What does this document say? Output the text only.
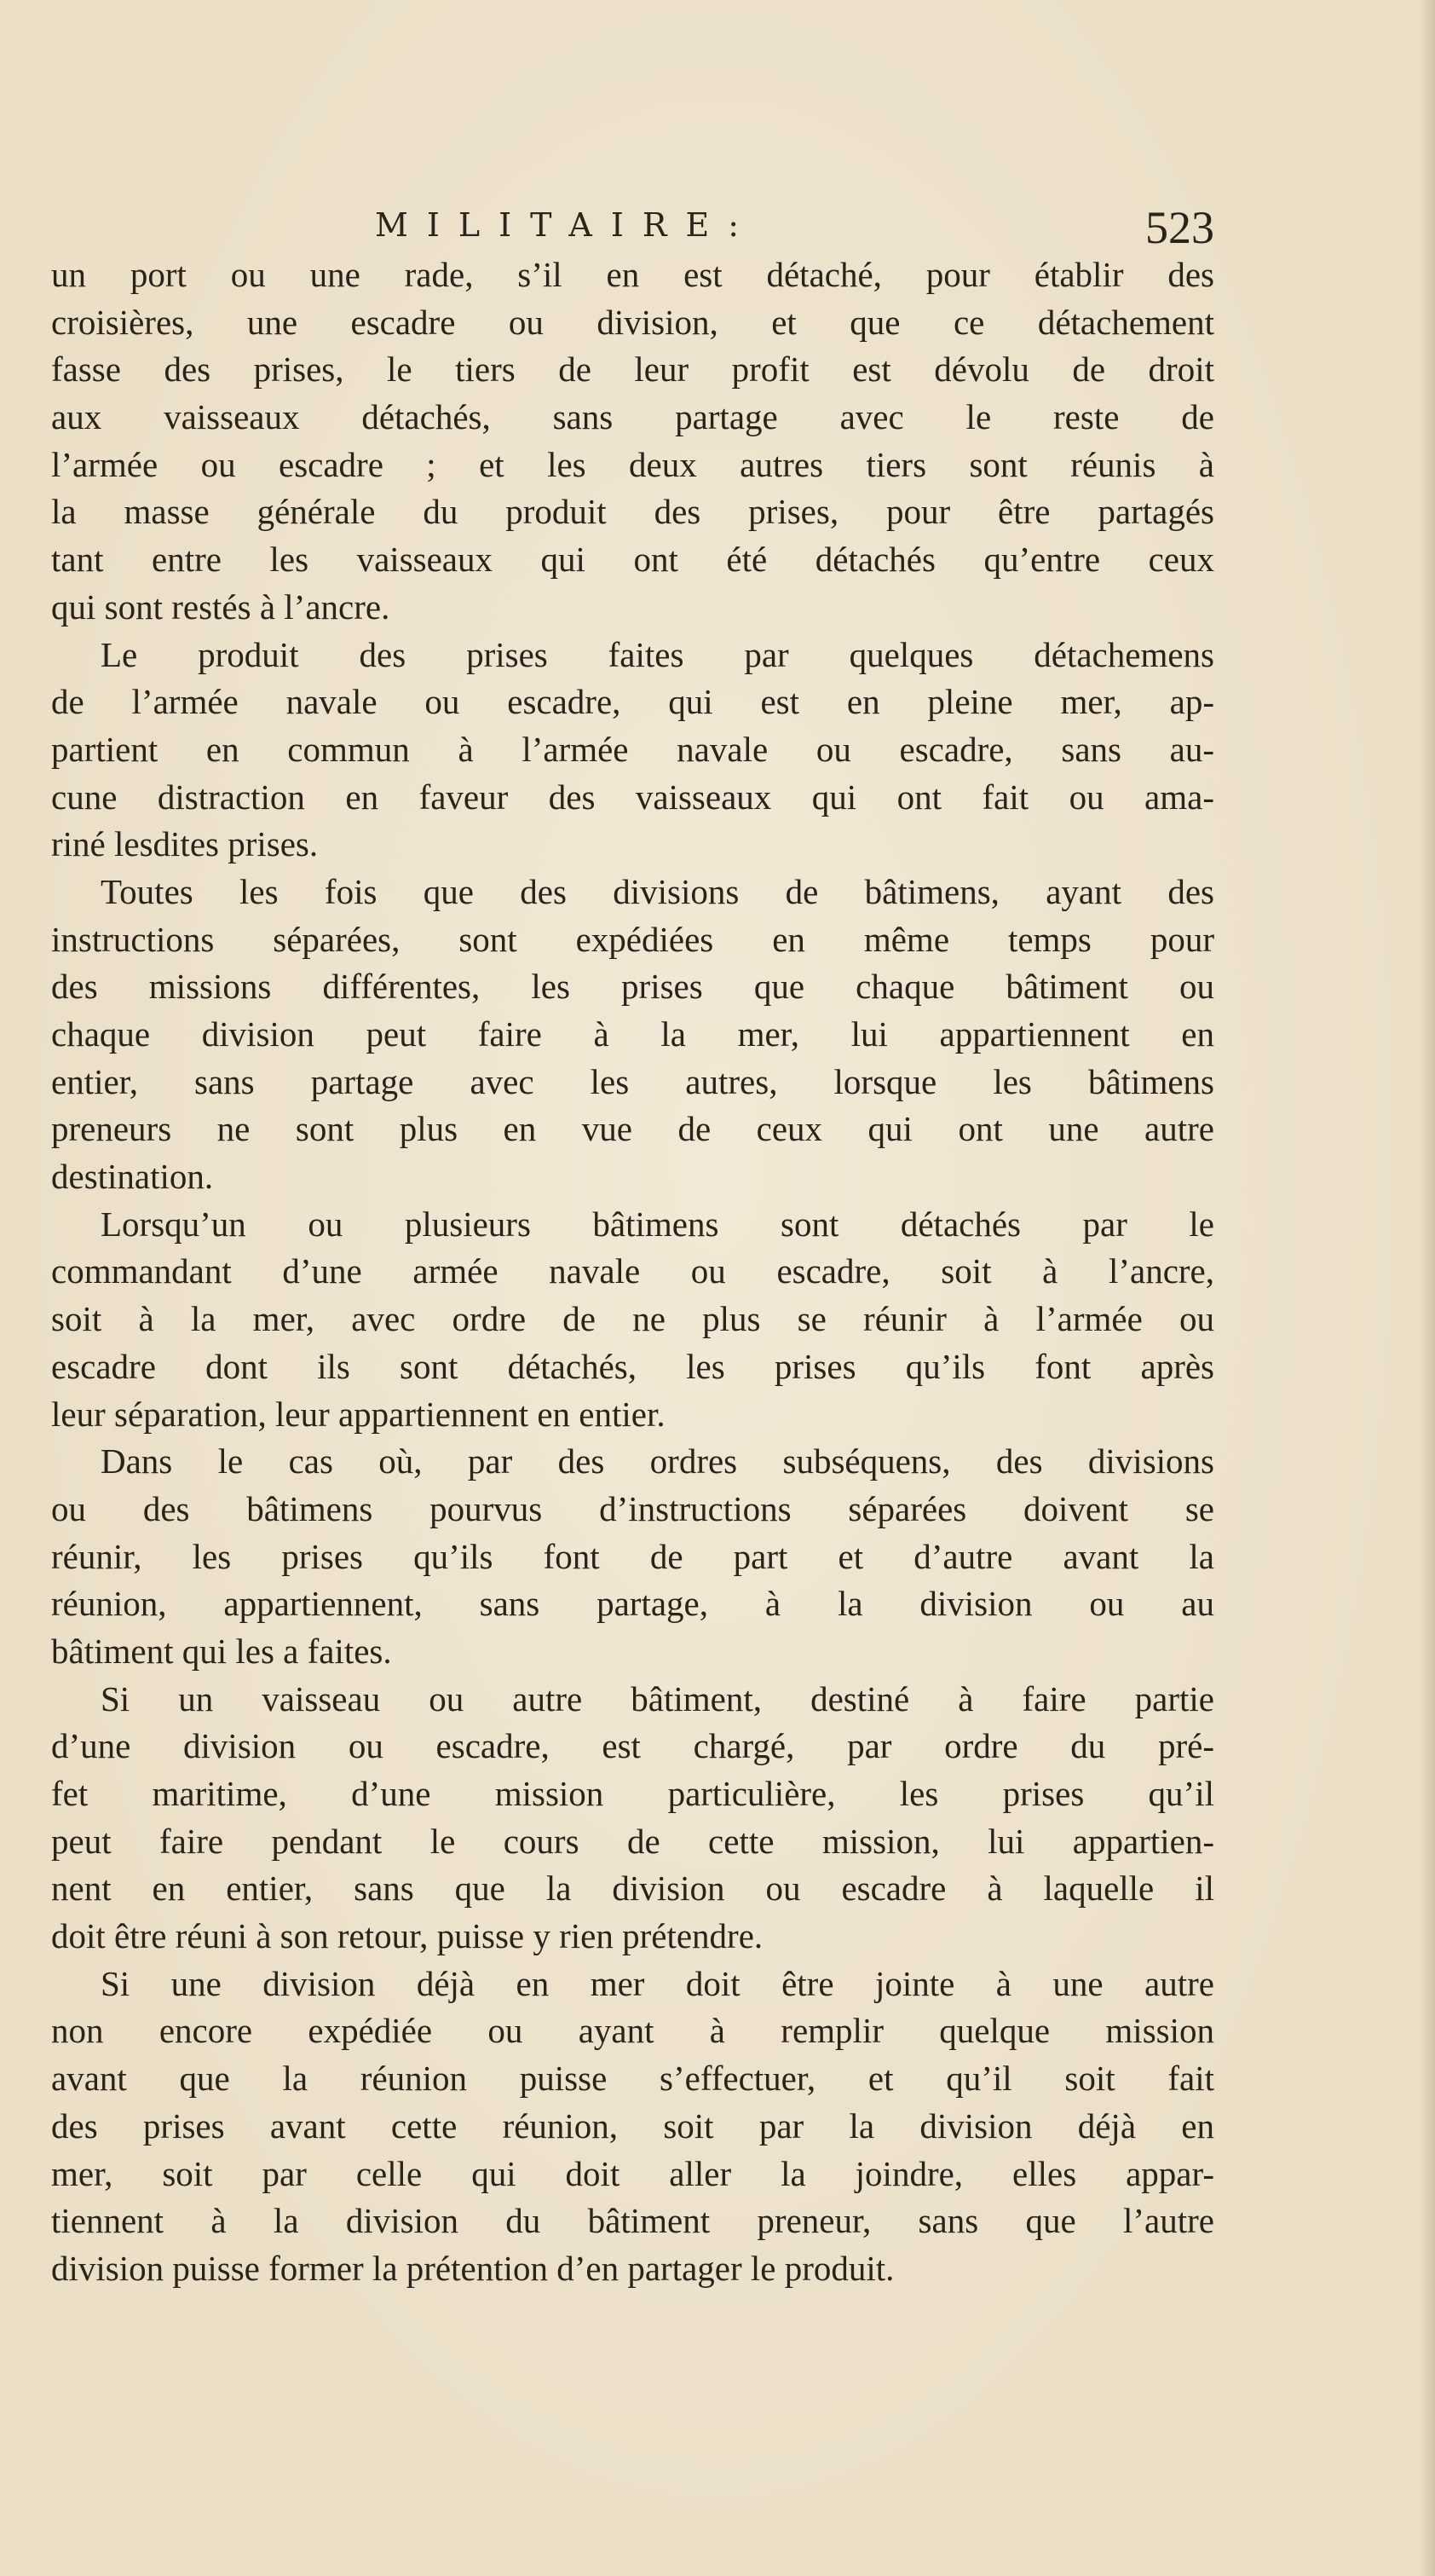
MILITAIRE:	523
un port ou une rade, s’il en est détaché, pour établir des
croisières, une escadre ou division, et que ce détachement
fasse des prises, le tiers de leur profit est dévolu de droit
aux vaisseaux détachés, sans partage avec le reste de
l’armée ou escadre ; et les deux autres tiers sont réunis à
la masse générale du produit des prises, pour être partagés
tant entre les vaisseaux qui ont été détachés qu’entre ceux
qui sont restés à l’ancre.
Le produit des prises faites par quelques détachemens
de l’armée navale ou escadre, qui est en pleine mer, ap-
partient en commun à l’armée navale ou escadre, sans au-
cune distraction en faveur des vaisseaux qui ont fait ou ama-
riné lesdites prises.
Toutes les fois que des divisions de bâtimens, ayant des
instructions séparées, sont expédiées en même temps pour
des missions différentes, les prises que chaque bâtiment ou
chaque division peut faire à la mer, lui appartiennent en
entier, sans partage avec les autres, lorsque les bâtimens
preneurs ne sont plus en vue de ceux qui ont une autre
destination.
Lorsqu’un ou plusieurs bâtimens sont détachés par le
commandant d’une armée navale ou escadre, soit à l’ancre,
soit à la mer, avec ordre de ne plus se réunir à l’armée ou
escadre dont ils sont détachés, les prises qu’ils font après
leur séparation, leur appartiennent en entier.
Dans le cas où, par des ordres subséquens, des divisions
ou des bâtimens pourvus d’instructions séparées doivent se
réunir, les prises qu’ils font de part et d’autre avant la
réunion, appartiennent, sans partage, à la division ou au
bâtiment qui les a faites.
Si un vaisseau ou autre bâtiment, destiné à faire partie
d’une division ou escadre, est chargé, par ordre du pré-
fet maritime, d’une mission particulière, les prises qu’il
peut faire pendant le cours de cette mission, lui appartien-
nent en entier, sans que la division ou escadre à laquelle il
doit être réuni à son retour, puisse y rien prétendre.
Si une division déjà en mer doit être jointe à une autre
non encore expédiée ou ayant à remplir quelque mission
avant que la réunion puisse s’effectuer, et qu’il soit fait
des prises avant cette réunion, soit par la division déjà en
mer, soit par celle qui doit aller la joindre, elles appar-
tiennent à la division du bâtiment preneur, sans que l’autre
division puisse former la prétention d’en partager le produit.
